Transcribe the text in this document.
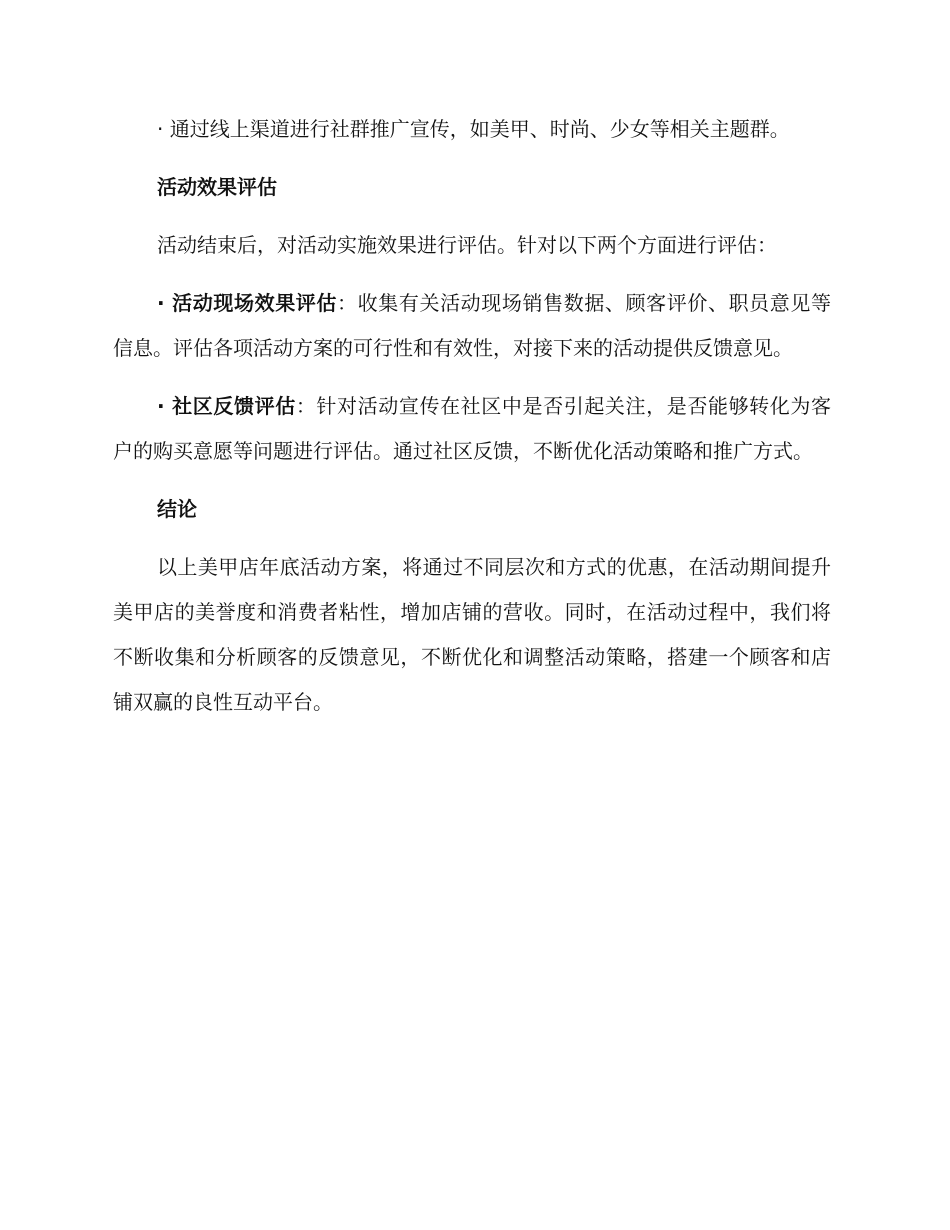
· 通过线上渠道进行社群推广宣传，如美甲、时尚、少女等相关主题群。

活动效果评估

活动结束后，对活动实施效果进行评估。针对以下两个方面进行评估：

· 活动现场效果评估：收集有关活动现场销售数据、顾客评价、职员意见等信息。评估各项活动方案的可行性和有效性，对接下来的活动提供反馈意见。

· 社区反馈评估：针对活动宣传在社区中是否引起关注，是否能够转化为客户的购买意愿等问题进行评估。通过社区反馈，不断优化活动策略和推广方式。

结论

以上美甲店年底活动方案，将通过不同层次和方式的优惠，在活动期间提升美甲店的美誉度和消费者粘性，增加店铺的营收。同时，在活动过程中，我们将不断收集和分析顾客的反馈意见，不断优化和调整活动策略，搭建一个顾客和店铺双赢的良性互动平台。
